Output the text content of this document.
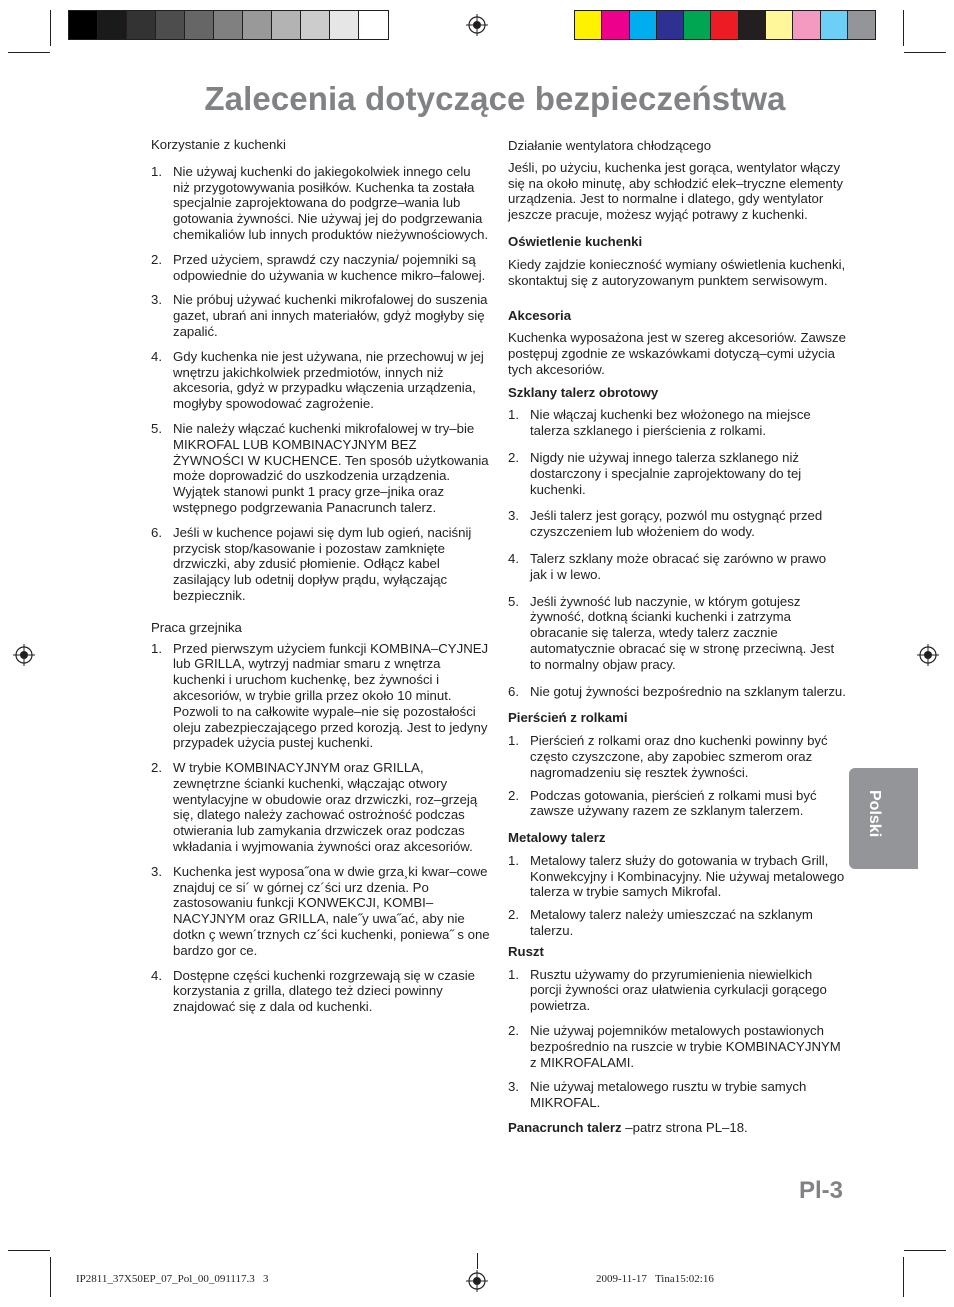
Zalecenia dotyczące bezpieczeństwa

Korzystanie z kuchenki

1. Nie używaj kuchenki do jakiegokolwiek innego celu niż przygotowywania posiłków. Kuchenka ta została specjalnie zaprojektowana do podgrze–wania lub gotowania żywności. Nie używaj jej do podgrzewania chemikaliów lub innych produktów nieżywnościowych.
2. Przed użyciem, sprawdź czy naczynia/ pojemniki są odpowiednie do używania w kuchence mikro–falowej.
3. Nie próbuj używać kuchenki mikrofalowej do suszenia gazet, ubrań ani innych materiałów, gdyż mogłyby się zapalić.
4. Gdy kuchenka nie jest używana, nie przechowuj w jej wnętrzu jakichkolwiek przedmiotów, innych niż akcesoria, gdyż w przypadku włączenia urządzenia, mogłyby spowodować zagrożenie.
5. Nie należy włączać kuchenki mikrofalowej w try–bie MIKROFAL LUB KOMBINACYJNYM BEZ ŻYWNOŚCI W KUCHENCE. Ten sposób użytkowania może doprowadzić do uszkodzenia urządzenia. Wyjątek stanowi punkt 1 pracy grze–jnika oraz wstępnego podgrzewania Panacrunch talerz.
6. Jeśli w kuchence pojawi się dym lub ogień, naciśnij przycisk stop/kasowanie i pozostaw zamknięte drzwiczki, aby zdusić płomienie. Odłącz kabel zasilający lub odetnij dopływ prądu, wyłączając bezpiecznik.

Praca grzejnika

1. Przed pierwszym użyciem funkcji KOMBINA–CYJNEJ lub GRILLA, wytrzyj nadmiar smaru z wnętrza kuchenki i uruchom kuchenkę, bez żywności i akcesoriów, w trybie grilla przez około 10 minut. Pozwoli to na całkowite wypale–nie się pozostałości oleju zabezpieczającego przed korozją. Jest to jedyny przypadek użycia pustej kuchenki.
2. W trybie KOMBINACYJNYM oraz GRILLA, zewnętrzne ścianki kuchenki, włączając otwory wentylacyjne w obudowie oraz drzwiczki, roz–grzeją się, dlatego należy zachować ostrożność podczas otwierania lub zamykania drzwiczek oraz podczas wkładania i wyjmowania żywności oraz akcesoriów.
3. Kuchenka jest wyposa˝ona w dwie grza¸ki kwar–cowe znajduj ce si´ w górnej cz´ści urz dzenia. Po zastosowaniu funkcji KONWEKCJI, KOMBI–NACYJNYM oraz GRILLA, nale˝y uwa˝ać, aby nie dotkn ç wewn´trznych cz´ści kuchenki, poniewa˝ s one bardzo gor ce.
4. Dostępne części kuchenki rozgrzewają się w czasie korzystania z grilla, dlatego też dzieci powinny znajdować się z dala od kuchenki.

Działanie wentylatora chłodzącego

Jeśli, po użyciu, kuchenka jest gorąca, wentylator włączy się na około minutę, aby schłodzić elek–tryczne elementy urządzenia. Jest to normalne i dlatego, gdy wentylator jeszcze pracuje, możesz wyjąć potrawy z kuchenki.

Oświetlenie kuchenki

Kiedy zajdzie konieczność wymiany oświetlenia kuchenki, skontaktuj się z autoryzowanym punktem serwisowym.

Akcesoria

Kuchenka wyposażona jest w szereg akcesoriów. Zawsze postępuj zgodnie ze wskazówkami dotyczą–cymi użycia tych akcesoriów.

Szklany talerz obrotowy

1. Nie włączaj kuchenki bez włożonego na miejsce talerza szklanego i pierścienia z rolkami.
2. Nigdy nie używaj innego talerza szklanego niż dostarczony i specjalnie zaprojektowany do tej kuchenki.
3. Jeśli talerz jest gorący, pozwól mu ostygnąć przed czyszczeniem lub włożeniem do wody.
4. Talerz szklany może obracać się zarówno w prawo jak i w lewo.
5. Jeśli żywność lub naczynie, w którym gotujesz żywność, dotkną ścianki kuchenki i zatrzyma obracanie się talerza, wtedy talerz zacznie automatycznie obracać się w stronę przeciwną. Jest to normalny objaw pracy.
6. Nie gotuj żywności bezpośrednio na szklanym talerzu.

Pierścień z rolkami

1. Pierścień z rolkami oraz dno kuchenki powinny być często czyszczone, aby zapobiec szmerom oraz nagromadzeniu się resztek żywności.
2. Podczas gotowania, pierścień z rolkami musi być zawsze używany razem ze szklanym talerzem.

Metalowy talerz

1. Metalowy talerz służy do gotowania w trybach Grill, Konwekcyjny i Kombinacyjny. Nie używaj metalowego talerza w trybie samych Mikrofal.
2. Metalowy talerz należy umieszczać na szklanym talerzu.

Ruszt

1. Rusztu używamy do przyrumienienia niewielkich porcji żywności oraz ułatwienia cyrkulacji gorącego powietrza.
2. Nie używaj pojemników metalowych postawionych bezpośrednio na ruszcie w trybie KOMBINACYJNYM z MIKROFALAMI.
3. Nie używaj metalowego rusztu w trybie samych MIKROFAL.

Panacrunch talerz –patrz strona PL–18.

Polski
Pl-3
IP2811_37X50EP_07_Pol_00_091117.3   3	2009-11-17   Tina15:02:16
